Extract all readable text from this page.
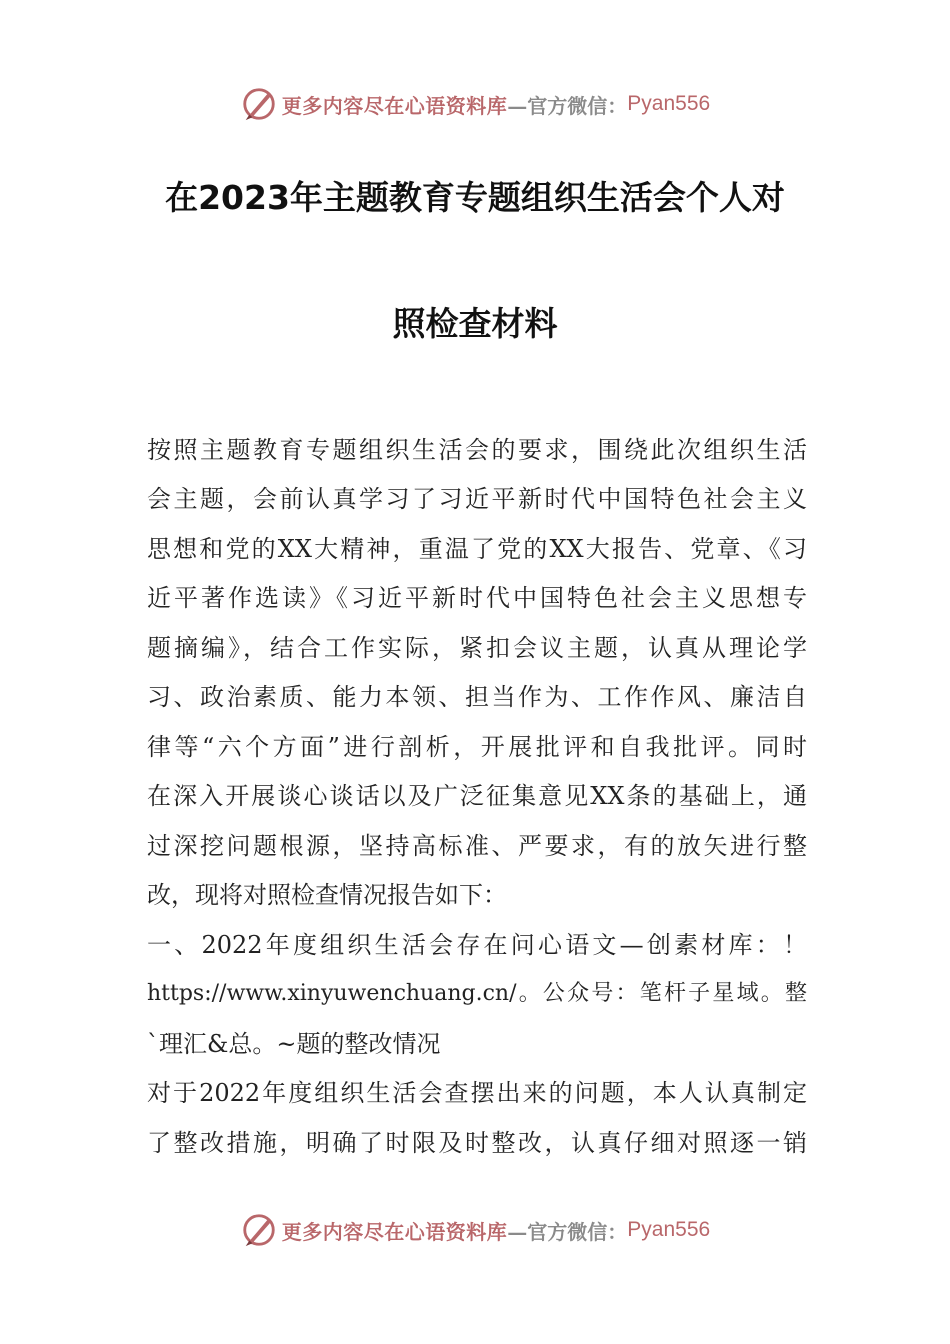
更多内容尽在心语资料库 —官方微信： Pyan556
在2023年主题教育专题组织生活会个人对
照检查材料
按照主题教育专题组织生活会的要求，围绕此次组织生活
会主题，会前认真学习了习近平新时代中国特色社会主义
思想和党的XX大精神，重温了党的XX大报告、党章、《习
近平著作选读》《习近平新时代中国特色社会主义思想专
题摘编》，结合工作实际，紧扣会议主题，认真从理论学
习、政治素质、能力本领、担当作为、工作作风、廉洁自
律等“六个方面”进行剖析，开展批评和自我批评。同时
在深入开展谈心谈话以及广泛征集意见XX条的基础上，通
过深挖问题根源，坚持高标准、严要求，有的放矢进行整
改，现将对照检查情况报告如下：
一、2022年度组织生活会存在问心语文—创素材库：！
https://www.xinyuwenchuang.cn/。公众号：笔杆子星域。整
`理汇&总。~题的整改情况
对于2022年度组织生活会查摆出来的问题，本人认真制定
了整改措施，明确了时限及时整改，认真仔细对照逐一销
更多内容尽在心语资料库 —官方微信： Pyan556
